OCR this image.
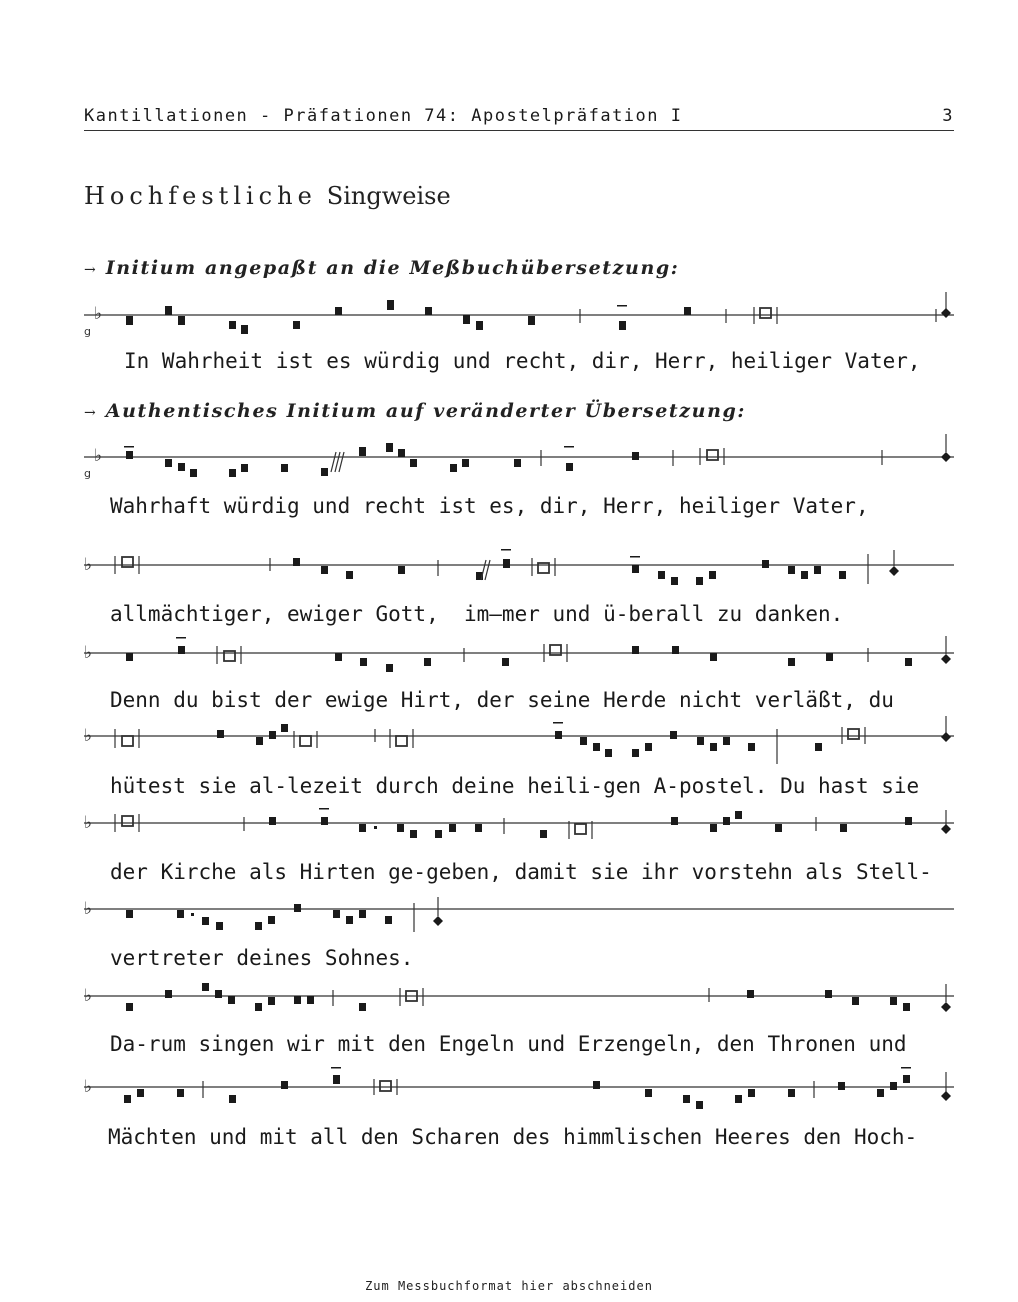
Kantillationen - Präfationen 74: Apostelpräfation I	3
Hochfestliche Singweise
→ Initium angepaßt an die Meßbuchübersetzung:
♭
g
In Wahrheit ist es würdig und recht, dir, Herr, heiliger Vater,
→ Authentisches Initium auf veränderter Übersetzung:
♭
g
Wahrhaft würdig und recht ist es, dir, Herr, heiliger Vater,
♭
allmächtiger, ewiger Gott,  im—mer und ü-berall zu danken.
♭
Denn du bist der ewige Hirt, der seine Herde nicht verläßt, du
♭
hütest sie al-lezeit durch deine heili-gen A-postel. Du hast sie
♭
der Kirche als Hirten ge-geben, damit sie ihr vorstehn als Stell-
♭
vertreter deines Sohnes.
♭
Da-rum singen wir mit den Engeln und Erzengeln, den Thronen und
♭
Mächten und mit all den Scharen des himmlischen Heeres den Hoch-
Zum Messbuchformat hier abschneiden
